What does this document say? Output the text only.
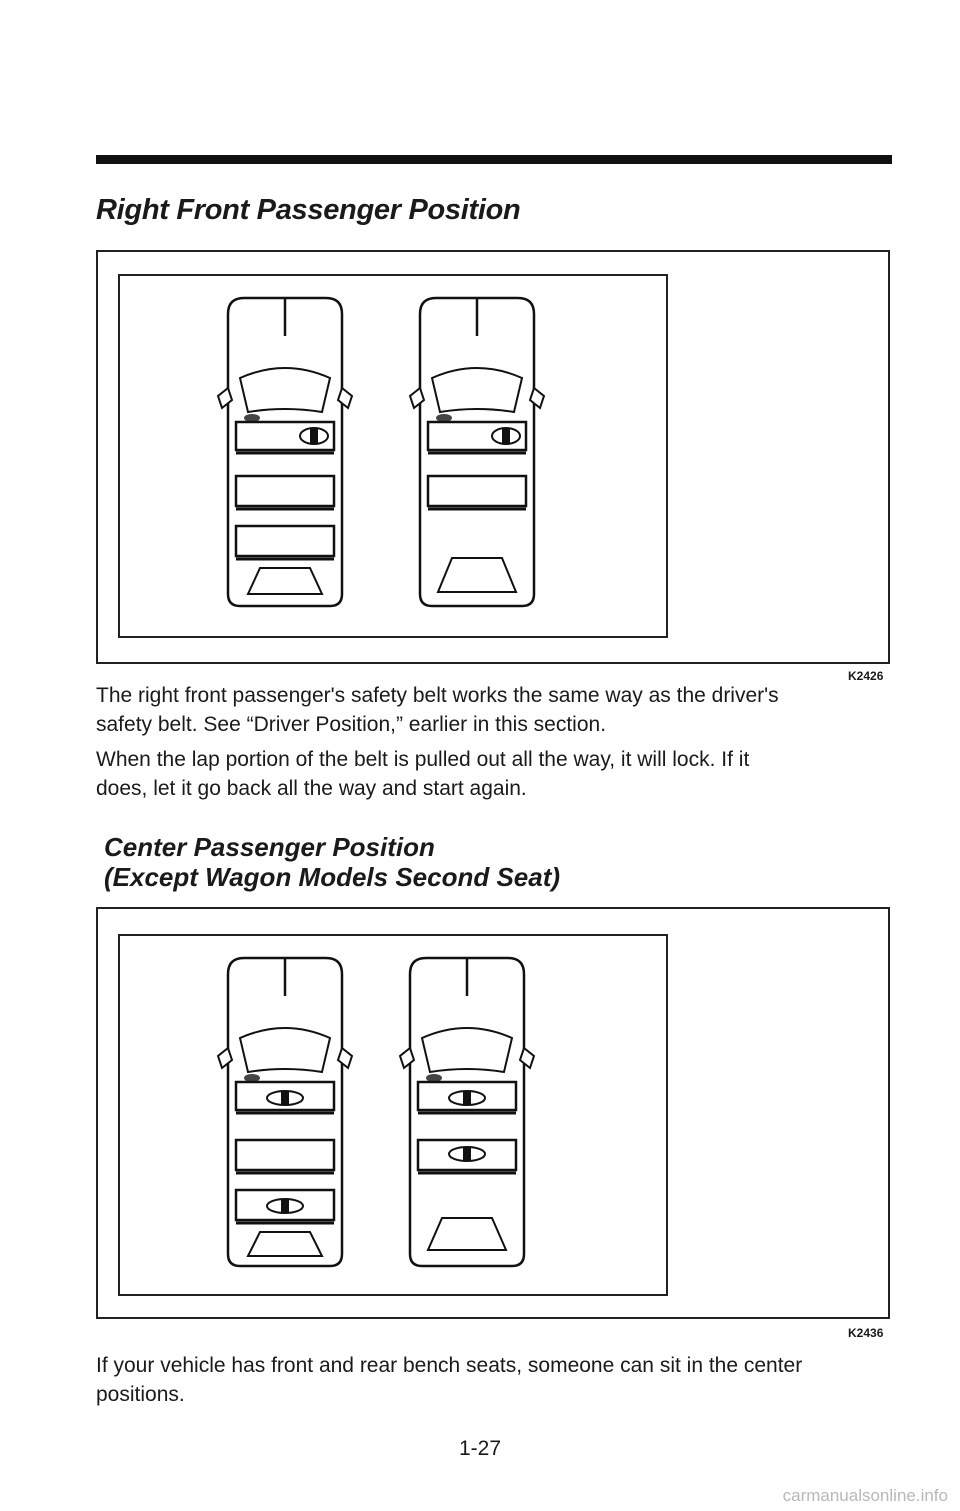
Right Front Passenger Position
K2426

The right front passenger's safety belt works the same way as the driver's
safety belt. See “Driver Position,” earlier in this section.

When the lap portion of the belt is pulled out all the way, it will lock. If it
does, let it go back all the way and start again.

Center Passenger Position
(Except Wagon Models Second Seat)
K2436

If your vehicle has front and rear bench seats, someone can sit in the center
positions.

1-27
carmanualsonline.info
